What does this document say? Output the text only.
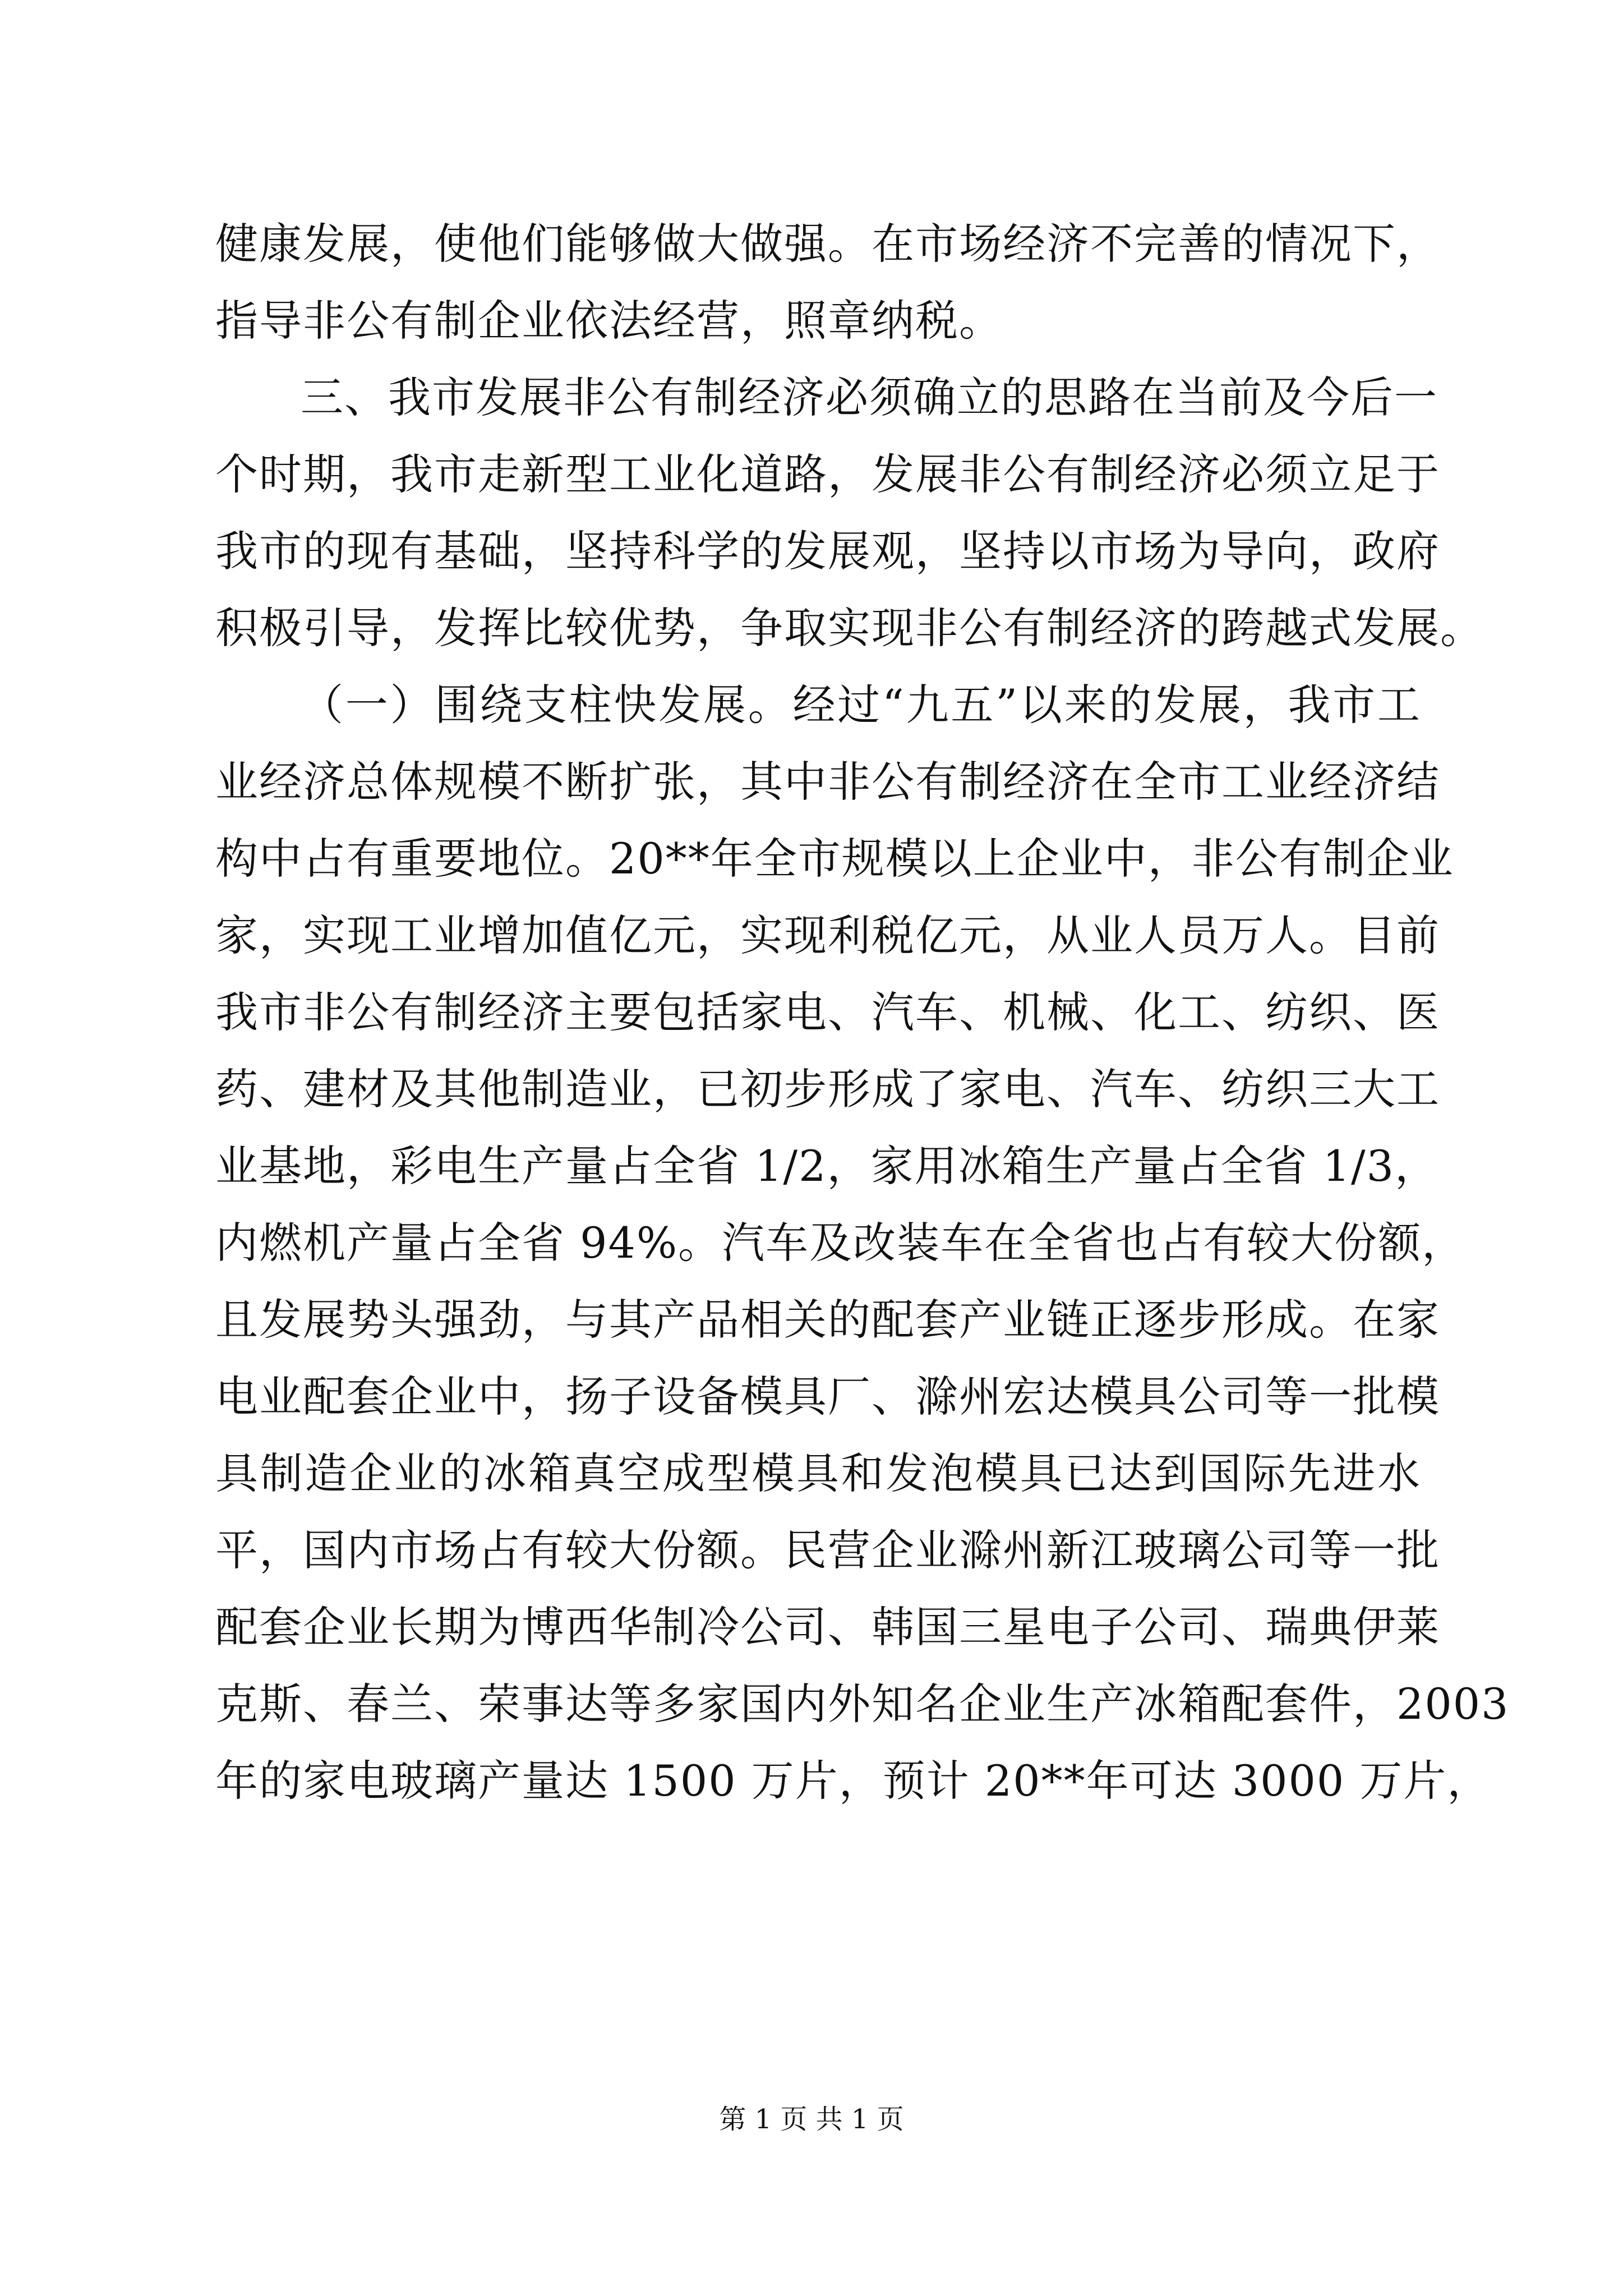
健康发展，使他们能够做大做强。在市场经济不完善的情况下，
指导非公有制企业依法经营，照章纳税。
三、我市发展非公有制经济必须确立的思路在当前及今后一
个时期，我市走新型工业化道路，发展非公有制经济必须立足于
我市的现有基础，坚持科学的发展观，坚持以市场为导向，政府
积极引导，发挥比较优势，争取实现非公有制经济的跨越式发展。
（一）围绕支柱快发展。经过“九五”以来的发展，我市工
业经济总体规模不断扩张，其中非公有制经济在全市工业经济结
构中占有重要地位。20**年全市规模以上企业中，非公有制企业
家，实现工业增加值亿元，实现利税亿元，从业人员万人。目前
我市非公有制经济主要包括家电、汽车、机械、化工、纺织、医
药、建材及其他制造业，已初步形成了家电、汽车、纺织三大工
业基地，彩电生产量占全省 1/2，家用冰箱生产量占全省 1/3，
内燃机产量占全省 94%。汽车及改装车在全省也占有较大份额，
且发展势头强劲，与其产品相关的配套产业链正逐步形成。在家
电业配套企业中，扬子设备模具厂、滁州宏达模具公司等一批模
具制造企业的冰箱真空成型模具和发泡模具已达到国际先进水
平，国内市场占有较大份额。民营企业滁州新江玻璃公司等一批
配套企业长期为博西华制冷公司、韩国三星电子公司、瑞典伊莱
克斯、春兰、荣事达等多家国内外知名企业生产冰箱配套件，2003
年的家电玻璃产量达 1500 万片，预计 20**年可达 3000 万片，
第 1 页 共 1 页
